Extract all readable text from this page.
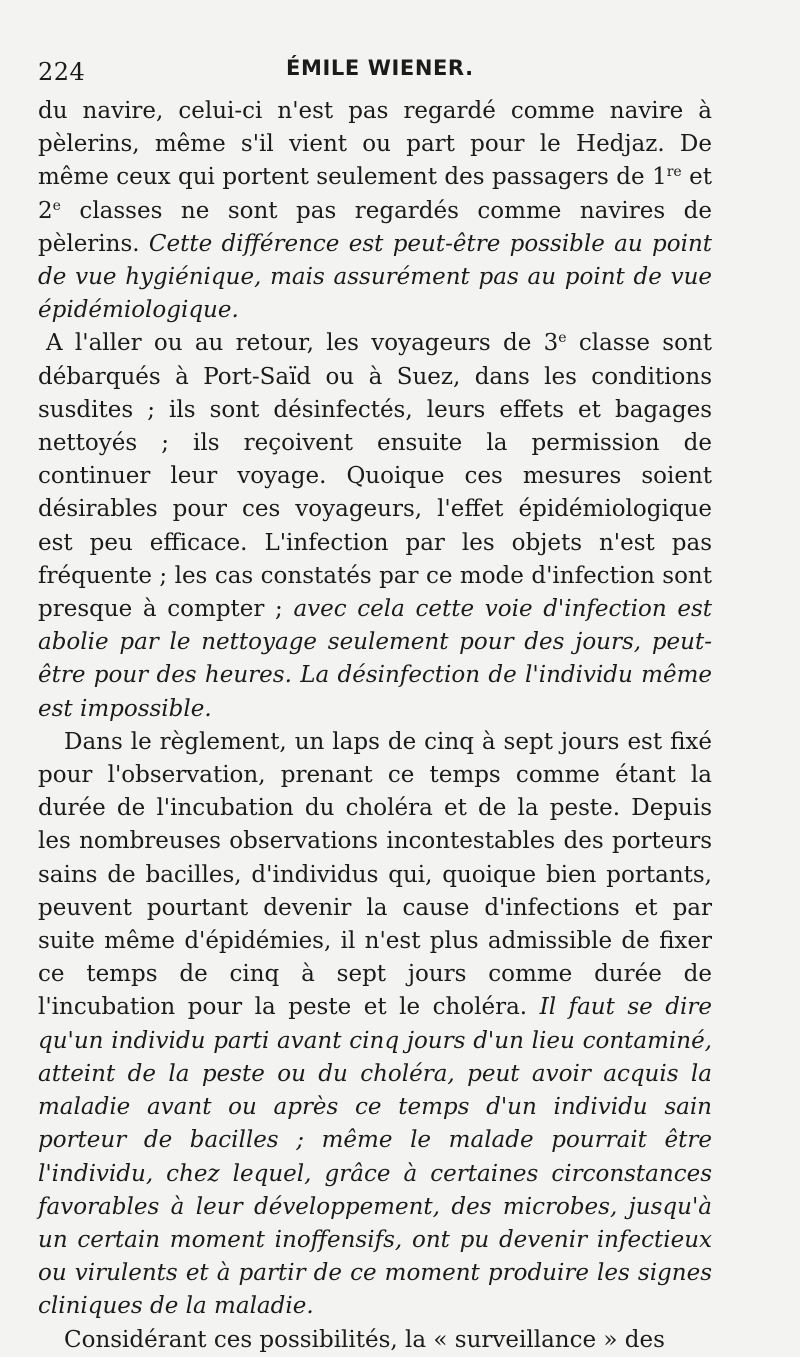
224	ÉMILE WIENER.

du navire, celui-ci n'est pas regardé comme navire à pèlerins, même s'il vient ou part pour le Hedjaz. De même ceux qui portent seulement des passagers de 1re et 2e classes ne sont pas regardés comme navires de pèlerins. Cette différence est peut-être possible au point de vue hygiénique, mais assurément pas au point de vue épidémiologique.

A l'aller ou au retour, les voyageurs de 3e classe sont débarqués à Port-Saïd ou à Suez, dans les conditions susdites ; ils sont désinfectés, leurs effets et bagages nettoyés ; ils reçoivent ensuite la permission de continuer leur voyage. Quoique ces mesures soient désirables pour ces voyageurs, l'effet épidémiologique est peu efficace. L'infection par les objets n'est pas fréquente ; les cas constatés par ce mode d'infection sont presque à compter ; avec cela cette voie d'infection est abolie par le nettoyage seulement pour des jours, peut-être pour des heures. La désinfection de l'individu même est impossible.

Dans le règlement, un laps de cinq à sept jours est fixé pour l'observation, prenant ce temps comme étant la durée de l'incubation du choléra et de la peste. Depuis les nombreuses observations incontestables des porteurs sains de bacilles, d'individus qui, quoique bien portants, peuvent pourtant devenir la cause d'infections et par suite même d'épidémies, il n'est plus admissible de fixer ce temps de cinq à sept jours comme durée de l'incubation pour la peste et le choléra. Il faut se dire qu'un individu parti avant cinq jours d'un lieu contaminé, atteint de la peste ou du choléra, peut avoir acquis la maladie avant ou après ce temps d'un individu sain porteur de bacilles ; même le malade pourrait être l'individu, chez lequel, grâce à certaines circonstances favorables à leur développement, des microbes, jusqu'à un certain moment inoffensifs, ont pu devenir infectieux ou virulents et à partir de ce moment produire les signes cliniques de la maladie.

Considérant ces possibilités, la « surveillance » des
